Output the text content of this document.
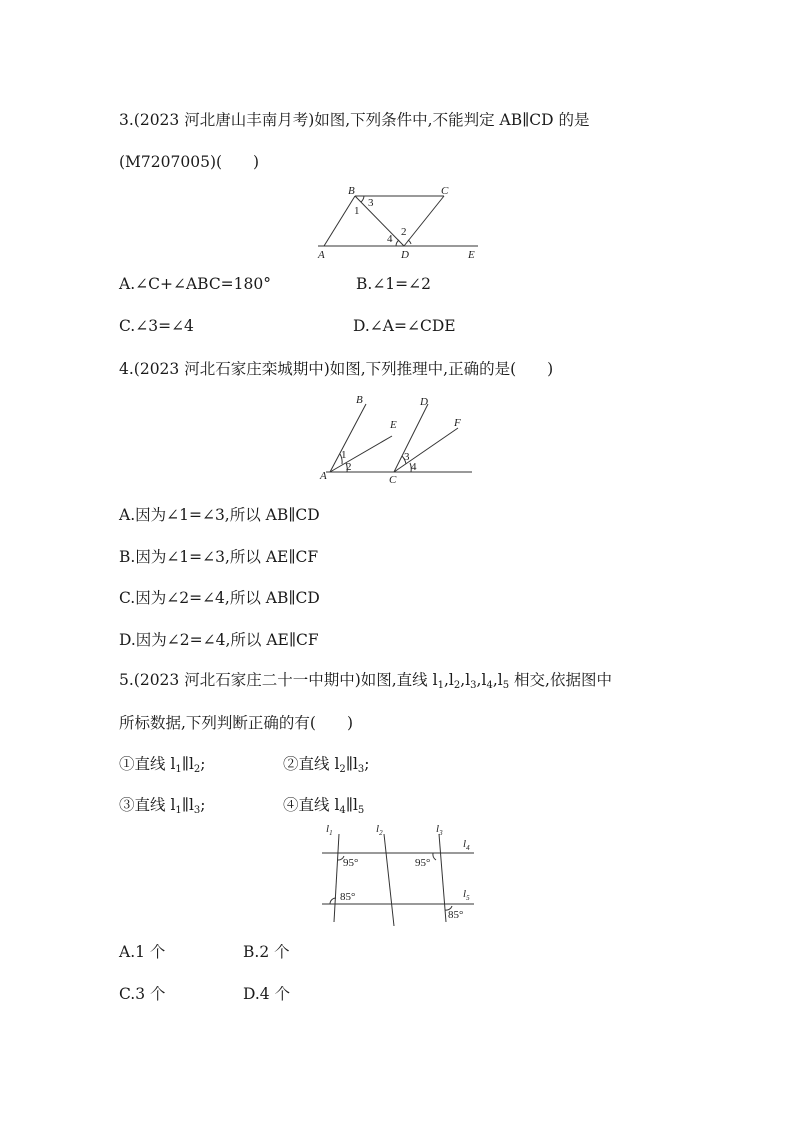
3.(2023 河北唐山丰南月考)如图,下列条件中,不能判定 AB∥CD 的是
(M7207005)(　　)
B	C
A	D	E
1
2
3
4
A.∠C+∠ABC=180°	B.∠1=∠2
C.∠3=∠4	D.∠A=∠CDE
4.(2023 河北石家庄栾城期中)如图,下列推理中,正确的是(　　)
B
E
D
F
A	C
1
2
3
4
A.因为∠1=∠3,所以 AB∥CD
B.因为∠1=∠3,所以 AE∥CF
C.因为∠2=∠4,所以 AB∥CD
D.因为∠2=∠4,所以 AE∥CF
5.(2023 河北石家庄二十一中期中)如图,直线 $l_1,l_2,l_3,l_4,l_5$ 相交,依据图中
所标数据,下列判断正确的有(　　)
①直线 $l_1\parallel l_2$;	②直线 $l_2\parallel l_3$;
③直线 $l_1\parallel l_3$;	④直线 $l_4\parallel l_5$
$l_1$	$l_2$	$l_3$
$l_4$
$l_5$
95°	95°
85°
85°
A.1 个	B.2 个
C.3 个	D.4 个
